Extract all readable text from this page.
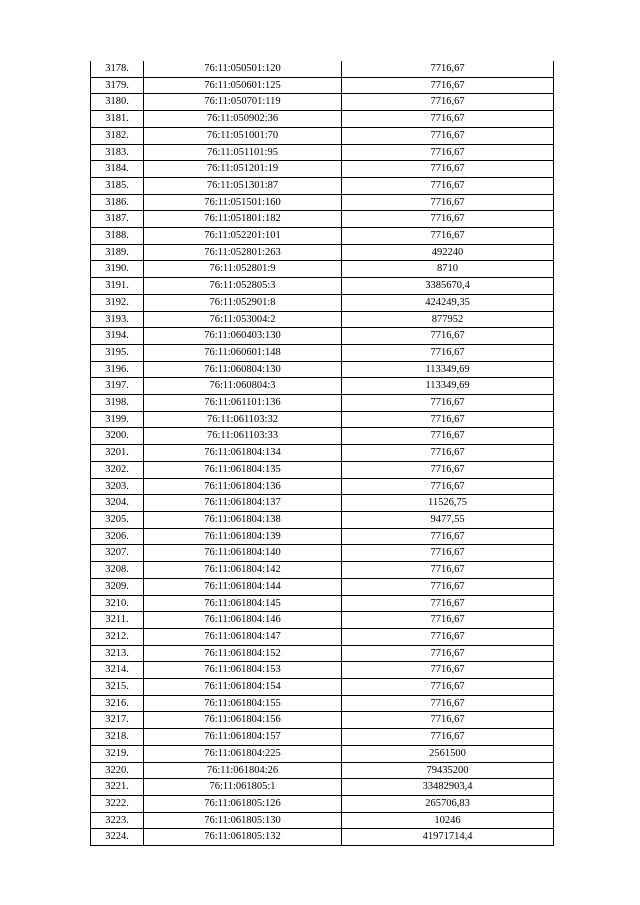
3178.	76:11:050501:120	7716,67
3179.	76:11:050601:125	7716,67
3180.	76:11:050701:119	7716,67
3181.	76:11:050902:36	7716,67
3182.	76:11:051001:70	7716,67
3183.	76:11:051101:95	7716,67
3184.	76:11:051201:19	7716,67
3185.	76:11:051301:87	7716,67
3186.	76:11:051501:160	7716,67
3187.	76:11:051801:182	7716,67
3188.	76:11:052201:101	7716,67
3189.	76:11:052801:263	492240
3190.	76:11:052801:9	8710
3191.	76:11:052805:3	3385670,4
3192.	76:11:052901:8	424249,35
3193.	76:11:053004:2	877952
3194.	76:11:060403:130	7716,67
3195.	76:11:060601:148	7716,67
3196.	76:11:060804:130	113349,69
3197.	76:11:060804:3	113349,69
3198.	76:11:061101:136	7716,67
3199.	76:11:061103:32	7716,67
3200.	76:11:061103:33	7716,67
3201.	76:11:061804:134	7716,67
3202.	76:11:061804:135	7716,67
3203.	76:11:061804:136	7716,67
3204.	76:11:061804:137	11526,75
3205.	76:11:061804:138	9477,55
3206.	76:11:061804:139	7716,67
3207.	76:11:061804:140	7716,67
3208.	76:11:061804:142	7716,67
3209.	76:11:061804:144	7716,67
3210.	76:11:061804:145	7716,67
3211.	76:11:061804:146	7716,67
3212.	76:11:061804:147	7716,67
3213.	76:11:061804:152	7716,67
3214.	76:11:061804:153	7716,67
3215.	76:11:061804:154	7716,67
3216.	76:11:061804:155	7716,67
3217.	76:11:061804:156	7716,67
3218.	76:11:061804:157	7716,67
3219.	76:11:061804:225	2561500
3220.	76:11:061804:26	79435200
3221.	76:11:061805:1	33482903,4
3222.	76:11:061805:126	265706,83
3223.	76:11:061805:130	10246
3224.	76:11:061805:132	41971714,4
